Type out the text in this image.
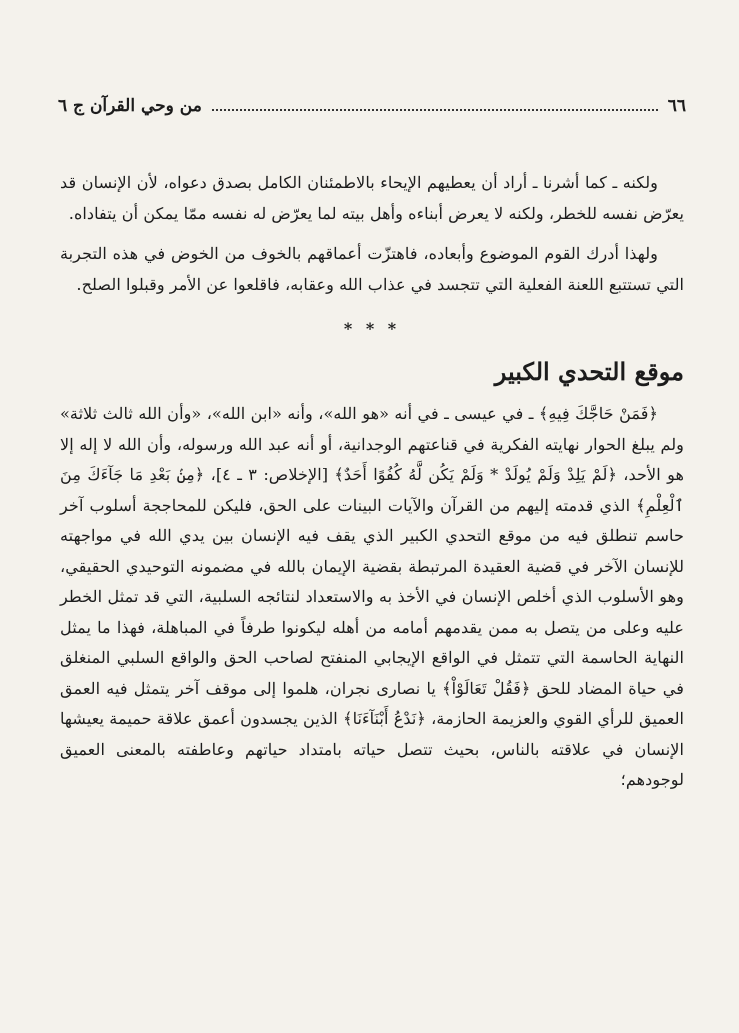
٦٦
من وحي القرآن ج ٦

ولكنه ـ كما أشرنا ـ أراد أن يعطيهم الإيحاء بالاطمئنان الكامل بصدق دعواه، لأن الإنسان قد يعرّض نفسه للخطر، ولكنه لا يعرض أبناءه وأهل بيته لما يعرّض له نفسه ممّا يمكن أن يتفاداه.

ولهذا أدرك القوم الموضوع وأبعاده، فاهتزّت أعماقهم بالخوف من الخوض في هذه التجربة التي تستتبع اللعنة الفعلية التي تتجسد في عذاب الله وعقابه، فاقلعوا عن الأمر وقبلوا الصلح.

* * *
موقع التحدي الكبير

﴿فَمَنْ حَاجَّكَ فِيهِ﴾ ـ في عيسى ـ في أنه «هو الله»، وأنه «ابن الله»، «وأن الله ثالث ثلاثة» ولم يبلغ الحوار نهايته الفكرية في قناعتهم الوجدانية، أو أنه عبد الله ورسوله، وأن الله لا إله إلا هو الأحد، ﴿لَمْ يَلِدْ وَلَمْ يُولَدْ * وَلَمْ يَكُن لَّهُ كُفُوًا أَحَدٌ﴾ [الإخلاص: ٣ ـ ٤]، ﴿مِنۢ بَعْدِ مَا جَآءَكَ مِنَ ٱلْعِلْمِ﴾ الذي قدمته إليهم من القرآن والآيات البينات على الحق، فليكن للمحاججة أسلوب آخر حاسم تنطلق فيه من موقع التحدي الكبير الذي يقف فيه الإنسان بين يدي الله في مواجهته للإنسان الآخر في قضية العقيدة المرتبطة بقضية الإيمان بالله في مضمونه التوحيدي الحقيقي، وهو الأسلوب الذي أخلص الإنسان في الأخذ به والاستعداد لنتائجه السلبية، التي قد تمثل الخطر عليه وعلى من يتصل به ممن يقدمهم أمامه من أهله ليكونوا طرفاً في المباهلة، فهذا ما يمثل النهاية الحاسمة التي تتمثل في الواقع الإيجابي المنفتح لصاحب الحق والواقع السلبي المنغلق في حياة المضاد للحق ﴿فَقُلْ تَعَالَوْاْ﴾ يا نصارى نجران، هلموا إلى موقف آخر يتمثل فيه العمق العميق للرأي القوي والعزيمة الحازمة، ﴿نَدْعُ أَبْنَآءَنَا﴾ الذين يجسدون أعمق علاقة حميمة يعيشها الإنسان في علاقته بالناس، بحيث تتصل حياته بامتداد حياتهم وعاطفته بالمعنى العميق لوجودهم؛
